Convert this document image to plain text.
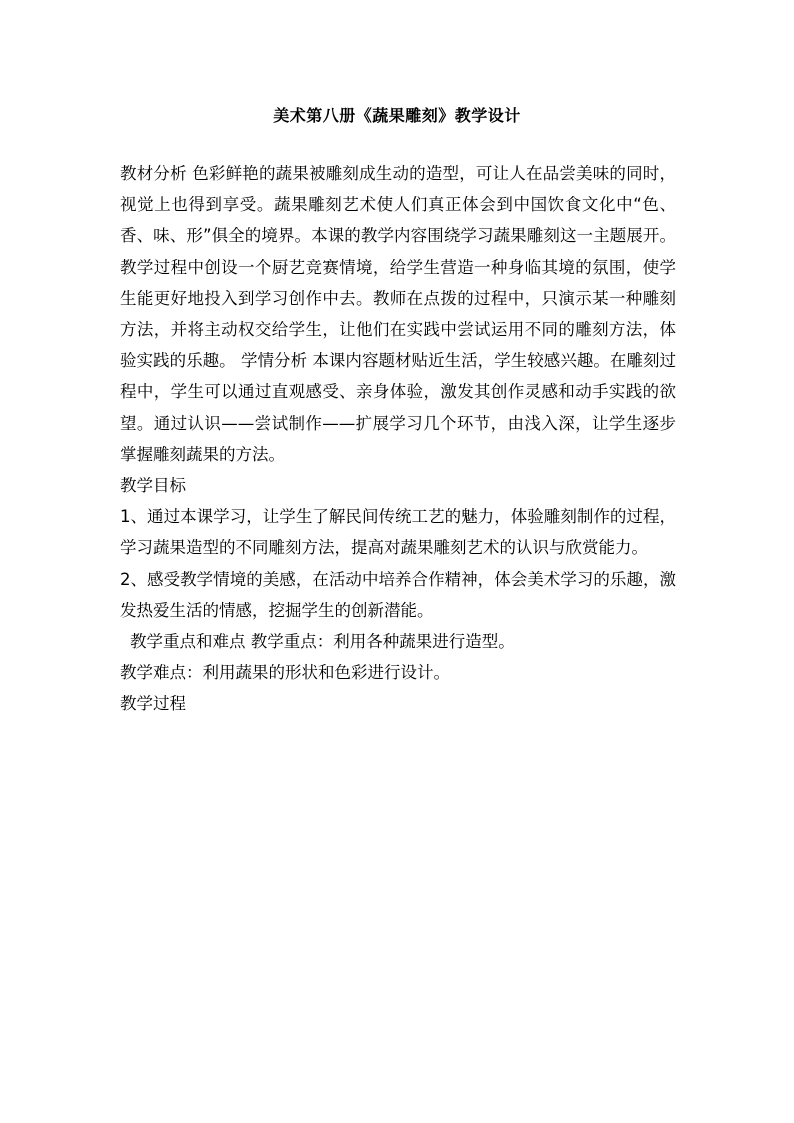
美术第八册《蔬果雕刻》教学设计

教材分析 色彩鲜艳的蔬果被雕刻成生动的造型，可让人在品尝美味的同时，视觉上也得到享受。蔬果雕刻艺术使人们真正体会到中国饮食文化中“色、香、味、形”俱全的境界。本课的教学内容围绕学习蔬果雕刻这一主题展开。教学过程中创设一个厨艺竞赛情境，给学生营造一种身临其境的氛围，使学生能更好地投入到学习创作中去。教师在点拨的过程中，只演示某一种雕刻方法，并将主动权交给学生，让他们在实践中尝试运用不同的雕刻方法，体验实践的乐趣。 学情分析 本课内容题材贴近生活，学生较感兴趣。在雕刻过程中，学生可以通过直观感受、亲身体验，激发其创作灵感和动手实践的欲望。通过认识——尝试制作——扩展学习几个环节，由浅入深，让学生逐步掌握雕刻蔬果的方法。

教学目标

1、通过本课学习，让学生了解民间传统工艺的魅力，体验雕刻制作的过程，学习蔬果造型的不同雕刻方法，提高对蔬果雕刻艺术的认识与欣赏能力。

2、感受教学情境的美感，在活动中培养合作精神，体会美术学习的乐趣，激发热爱生活的情感，挖掘学生的创新潜能。

教学重点和难点 教学重点：利用各种蔬果进行造型。

教学难点：利用蔬果的形状和色彩进行设计。

教学过程
